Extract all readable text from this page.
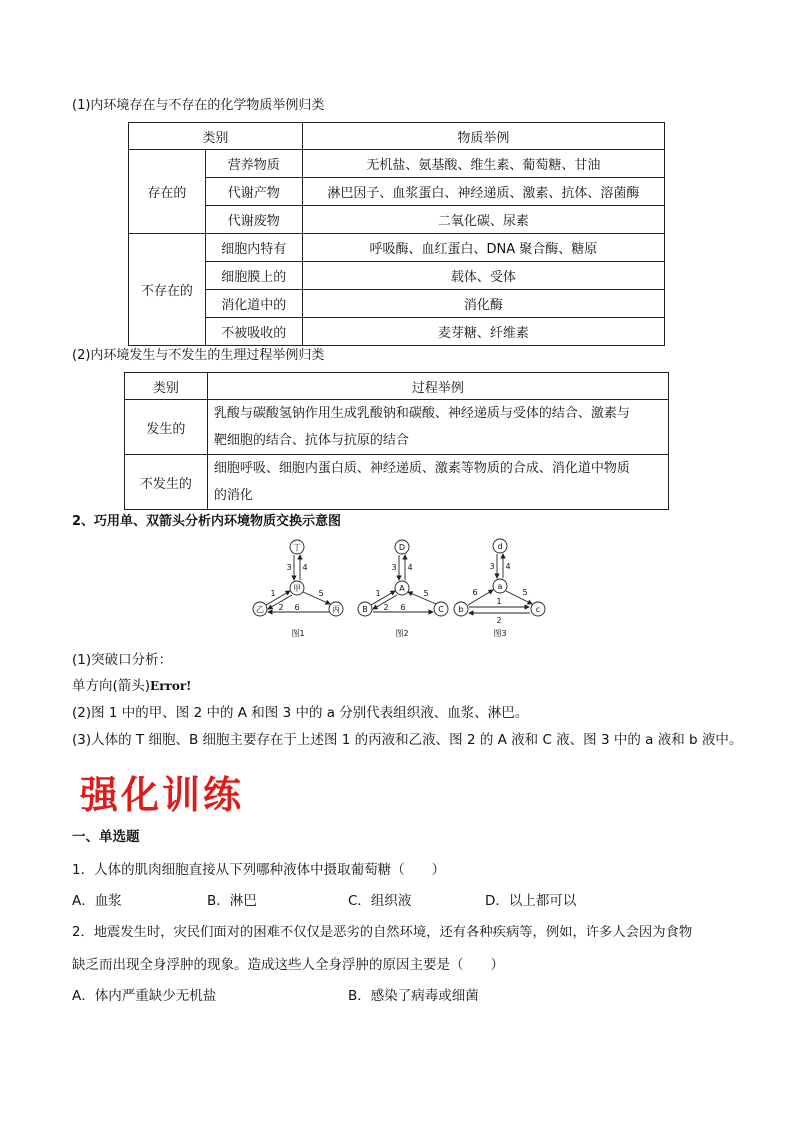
(1)内环境存在与不存在的化学物质举例归类
类别		物质举例
存在的	营养物质	无机盐、氨基酸、维生素、葡萄糖、甘油
	代谢产物	淋巴因子、血浆蛋白、神经递质、激素、抗体、溶菌酶
	代谢废物	二氧化碳、尿素
不存在的	细胞内特有	呼吸酶、血红蛋白、DNA 聚合酶、糖原
	细胞膜上的	载体、受体
	消化道中的	消化酶
	不被吸收的	麦芽糖、纤维素
(2)内环境发生与不发生的生理过程举例归类
类别	过程举例
发生的	乳酸与碳酸氢钠作用生成乳酸钠和碳酸、神经递质与受体的结合、激素与
靶细胞的结合、抗体与抗原的结合

不发生的	细胞呼吸、细胞内蛋白质、神经递质、激素等物质的合成、消化道中物质
的消化
2、巧用单、双箭头分析内环境物质交换示意图
丁
甲
乙	丙
3 4
1
2
5
6
图1
D
A
B	C
3 4
1
2
5
6
图2
d
a
b	c
3 4
6	5
1
2
图3
(1)突破口分析：
单方向(箭头)Error!
(2)图 1 中的甲、图 2 中的 A 和图 3 中的 a 分别代表组织液、血浆、淋巴。
(3)人体的 T 细胞、B 细胞主要存在于上述图 1 的丙液和乙液、图 2 的 A 液和 C 液、图 3 中的 a 液和 b 液中。
强化训练
一、单选题
1．人体的肌肉细胞直接从下列哪种液体中摄取葡萄糖（　　）
A．血浆	B．淋巴	C．组织液	D．以上都可以
2．地震发生时，灾民们面对的困难不仅仅是恶劣的自然环境，还有各种疾病等，例如，许多人会因为食物
缺乏而出现全身浮肿的现象。造成这些人全身浮肿的原因主要是（　　）
A．体内严重缺少无机盐	B．感染了病毒或细菌
